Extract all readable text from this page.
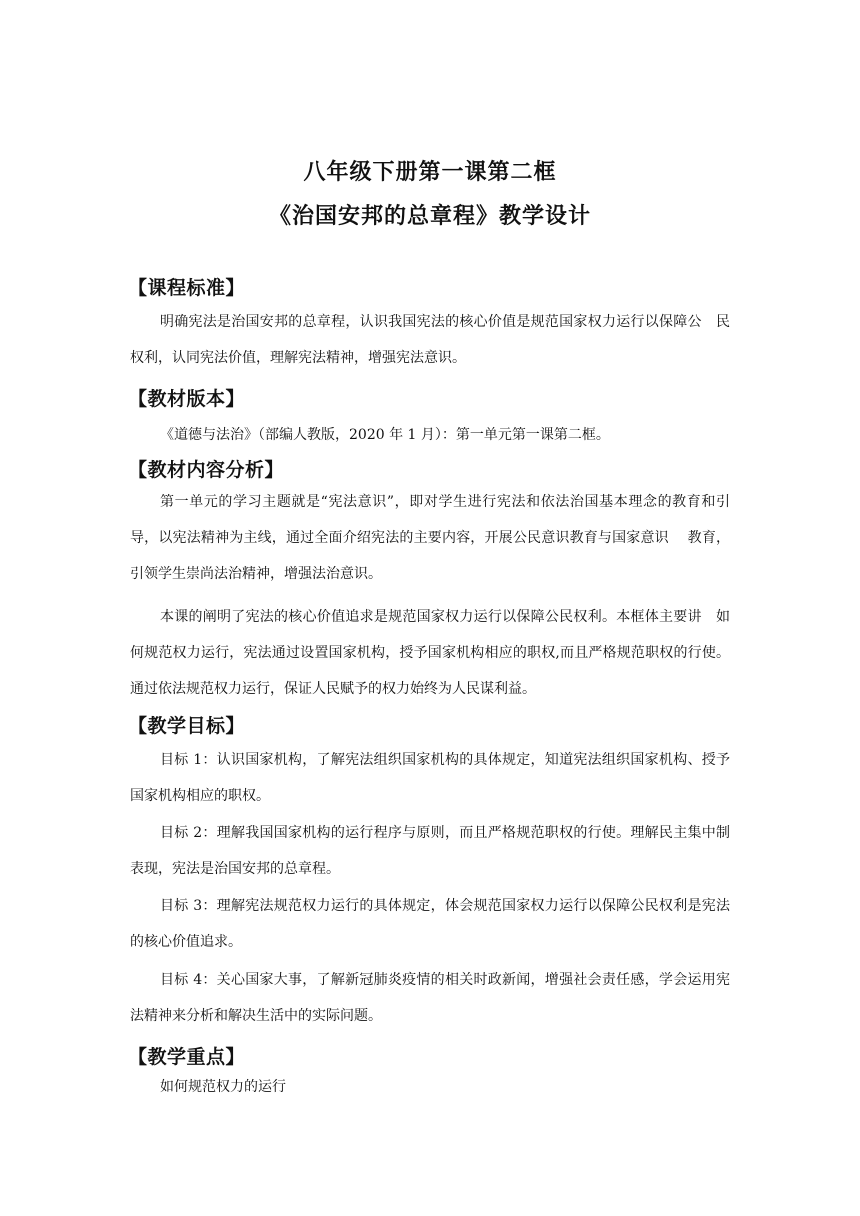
八年级下册第一课第二框
《治国安邦的总章程》教学设计
【课程标准】

明确宪法是治国安邦的总章程，认识我国宪法的核心价值是规范国家权力运行以保障公　民权利，认同宪法价值，理解宪法精神，增强宪法意识。

【教材版本】

《道德与法治》（部编人教版，2020 年 1 月）：第一单元第一课第二框。

【教材内容分析】

第一单元的学习主题就是“宪法意识”，即对学生进行宪法和依法治国基本理念的教育和引导，以宪法精神为主线，通过全面介绍宪法的主要内容，开展公民意识教育与国家意识　 教育，引领学生崇尚法治精神，增强法治意识。

本课的阐明了宪法的核心价值追求是规范国家权力运行以保障公民权利。本框体主要讲　如何规范权力运行，宪法通过设置国家机构，授予国家机构相应的职权,而且严格规范职权的行使。通过依法规范权力运行，保证人民赋予的权力始终为人民谋利益。

【教学目标】

目标 1：认识国家机构，了解宪法组织国家机构的具体规定，知道宪法组织国家机构、授予国家机构相应的职权。

目标 2：理解我国国家机构的运行程序与原则，而且严格规范职权的行使。理解民主集中制表现，宪法是治国安邦的总章程。

目标 3：理解宪法规范权力运行的具体规定，体会规范国家权力运行以保障公民权利是宪法的核心价值追求。

目标 4：关心国家大事，了解新冠肺炎疫情的相关时政新闻，增强社会责任感，学会运用宪法精神来分析和解决生活中的实际问题。

【教学重点】

如何规范权力的运行
